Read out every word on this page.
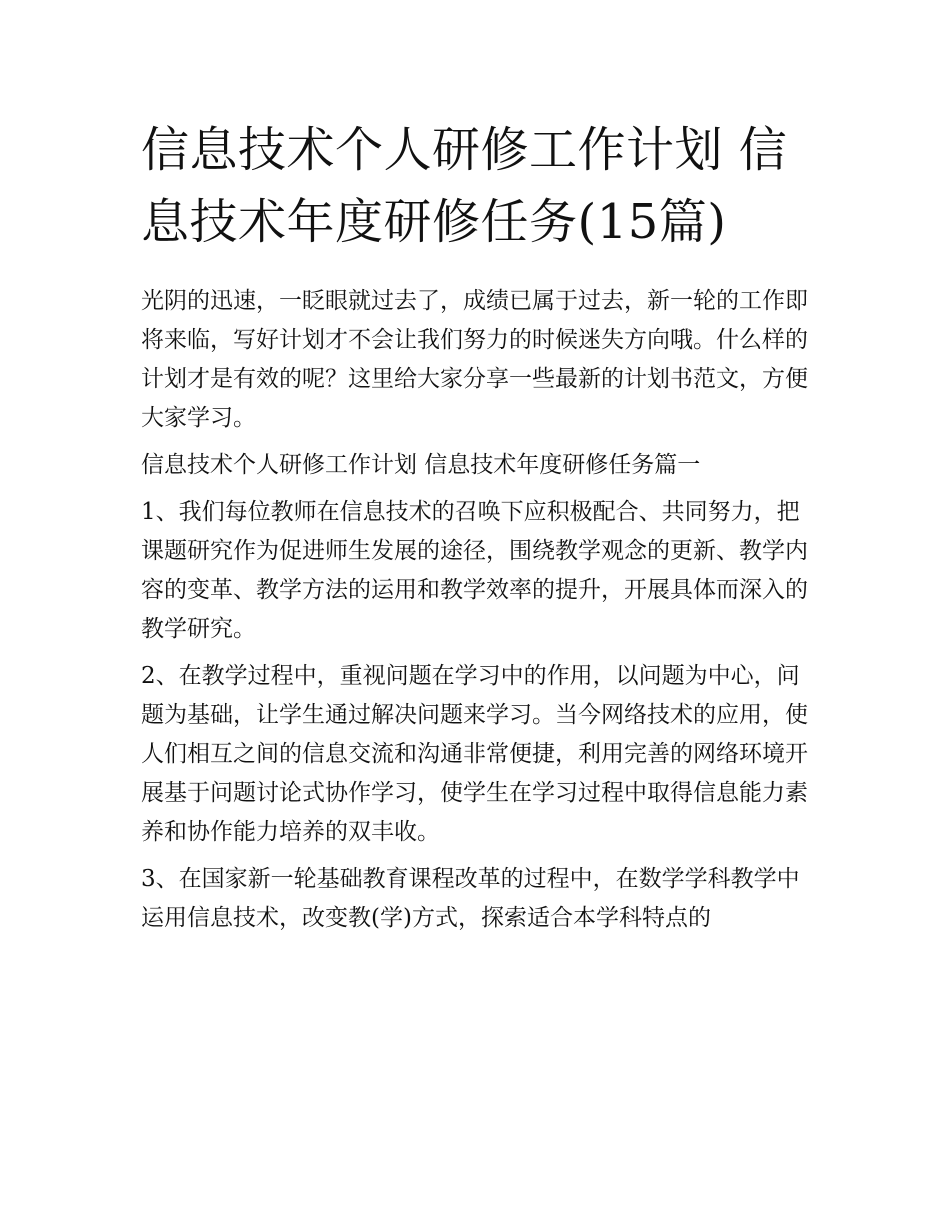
信息技术个人研修工作计划 信息技术年度研修任务(15篇)

光阴的迅速，一眨眼就过去了，成绩已属于过去，新一轮的工作即将来临，写好计划才不会让我们努力的时候迷失方向哦。什么样的计划才是有效的呢？这里给大家分享一些最新的计划书范文，方便大家学习。

信息技术个人研修工作计划 信息技术年度研修任务篇一

1、我们每位教师在信息技术的召唤下应积极配合、共同努力，把课题研究作为促进师生发展的途径，围绕教学观念的更新、教学内容的变革、教学方法的运用和教学效率的提升，开展具体而深入的教学研究。

2、在教学过程中，重视问题在学习中的作用，以问题为中心，问题为基础，让学生通过解决问题来学习。当今网络技术的应用，使人们相互之间的信息交流和沟通非常便捷，利用完善的网络环境开展基于问题讨论式协作学习，使学生在学习过程中取得信息能力素养和协作能力培养的双丰收。

3、在国家新一轮基础教育课程改革的过程中，在数学学科教学中运用信息技术，改变教(学)方式，探索适合本学科特点的
